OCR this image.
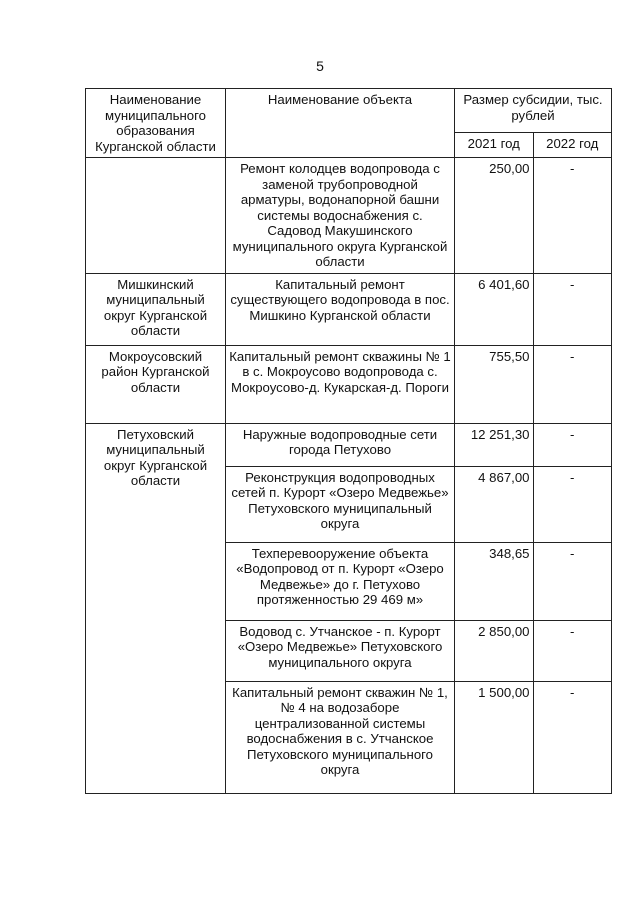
5
Наименование муниципального образования Курганской области	Наименование объекта	Размер субсидии, тыс. рублей	
		2021 год	2022 год
	Ремонт колодцев водопровода с заменой трубопроводной арматуры, водонапорной башни системы водоснабжения с. Садовод Макушинского муниципального округа Курганской области	250,00	-
Мишкинский муниципальный округ Курганской области	Капитальный ремонт существующего водопровода в пос. Мишкино Курганской области	6 401,60	-
Мокроусовский район Курганской области	Капитальный ремонт скважины № 1 в с. Мокроусово водопровода с. Мокроусово-д. Кукарская-д. Пороги	755,50	-
Петуховский муниципальный округ Курганской области	Наружные водопроводные сети города Петухово	12 251,30	-
	Реконструкция водопроводных сетей п. Курорт «Озеро Медвежье» Петуховского муниципальный округа	4 867,00	-
	Техперевооружение объекта «Водопровод от п. Курорт «Озеро Медвежье» до г. Петухово протяженностью 29 469 м»	348,65	-
	Водовод с. Утчанское - п. Курорт «Озеро Медвежье» Петуховского муниципального округа	2 850,00	-
	Капитальный ремонт скважин № 1, № 4 на водозаборе централизованной системы водоснабжения в с. Утчанское Петуховского муниципального округа	1 500,00	-
